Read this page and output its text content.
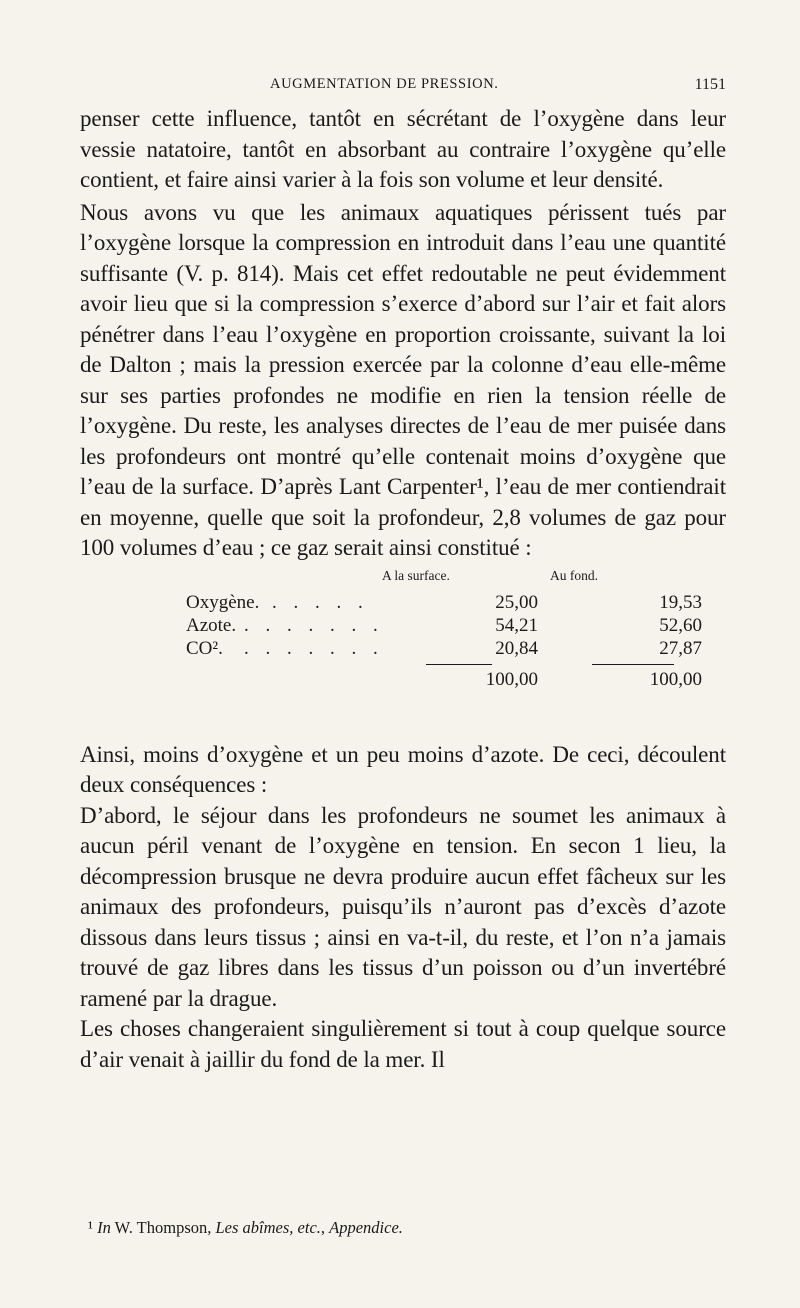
AUGMENTATION DE PRESSION.	1151

penser cette influence, tantôt en sécrétant de l’oxygène dans leur vessie natatoire, tantôt en absorbant au contraire l’oxygène qu’elle contient, et faire ainsi varier à la fois son volume et leur densité.

Nous avons vu que les animaux aquatiques périssent tués par l’oxygène lorsque la compression en introduit dans l’eau une quantité suffisante (V. p. 814). Mais cet effet redoutable ne peut évidemment avoir lieu que si la compression s’exerce d’abord sur l’air et fait alors pénétrer dans l’eau l’oxygène en proportion croissante, suivant la loi de Dalton ; mais la pression exercée par la colonne d’eau elle-même sur ses parties profondes ne modifie en rien la tension réelle de l’oxygène. Du reste, les analyses directes de l’eau de mer puisée dans les profondeurs ont montré qu’elle contenait moins d’oxygène que l’eau de la surface. D’après Lant Carpenter¹, l’eau de mer contiendrait en moyenne, quelle que soit la profondeur, 2,8 volumes de gaz pour 100 volumes d’eau ; ce gaz serait ainsi constitué :

A la surface.	Au fond.
Oxygène. . . . . .	25,00	19,53
Azote. . . . . . . .	54,21	52,60
CO². . . . . . . .	20,84	27,87
100,00	100,00

Ainsi, moins d’oxygène et un peu moins d’azote. De ceci, découlent deux conséquences :

D’abord, le séjour dans les profondeurs ne soumet les animaux à aucun péril venant de l’oxygène en tension. En secon 1 lieu, la décompression brusque ne devra produire aucun effet fâcheux sur les animaux des profondeurs, puisqu’ils n’auront pas d’excès d’azote dissous dans leurs tissus ; ainsi en va-t-il, du reste, et l’on n’a jamais trouvé de gaz libres dans les tissus d’un poisson ou d’un invertébré ramené par la drague.

Les choses changeraient singulièrement si tout à coup quelque source d’air venait à jaillir du fond de la mer. Il

¹ In W. Thompson, Les abîmes, etc., Appendice.
